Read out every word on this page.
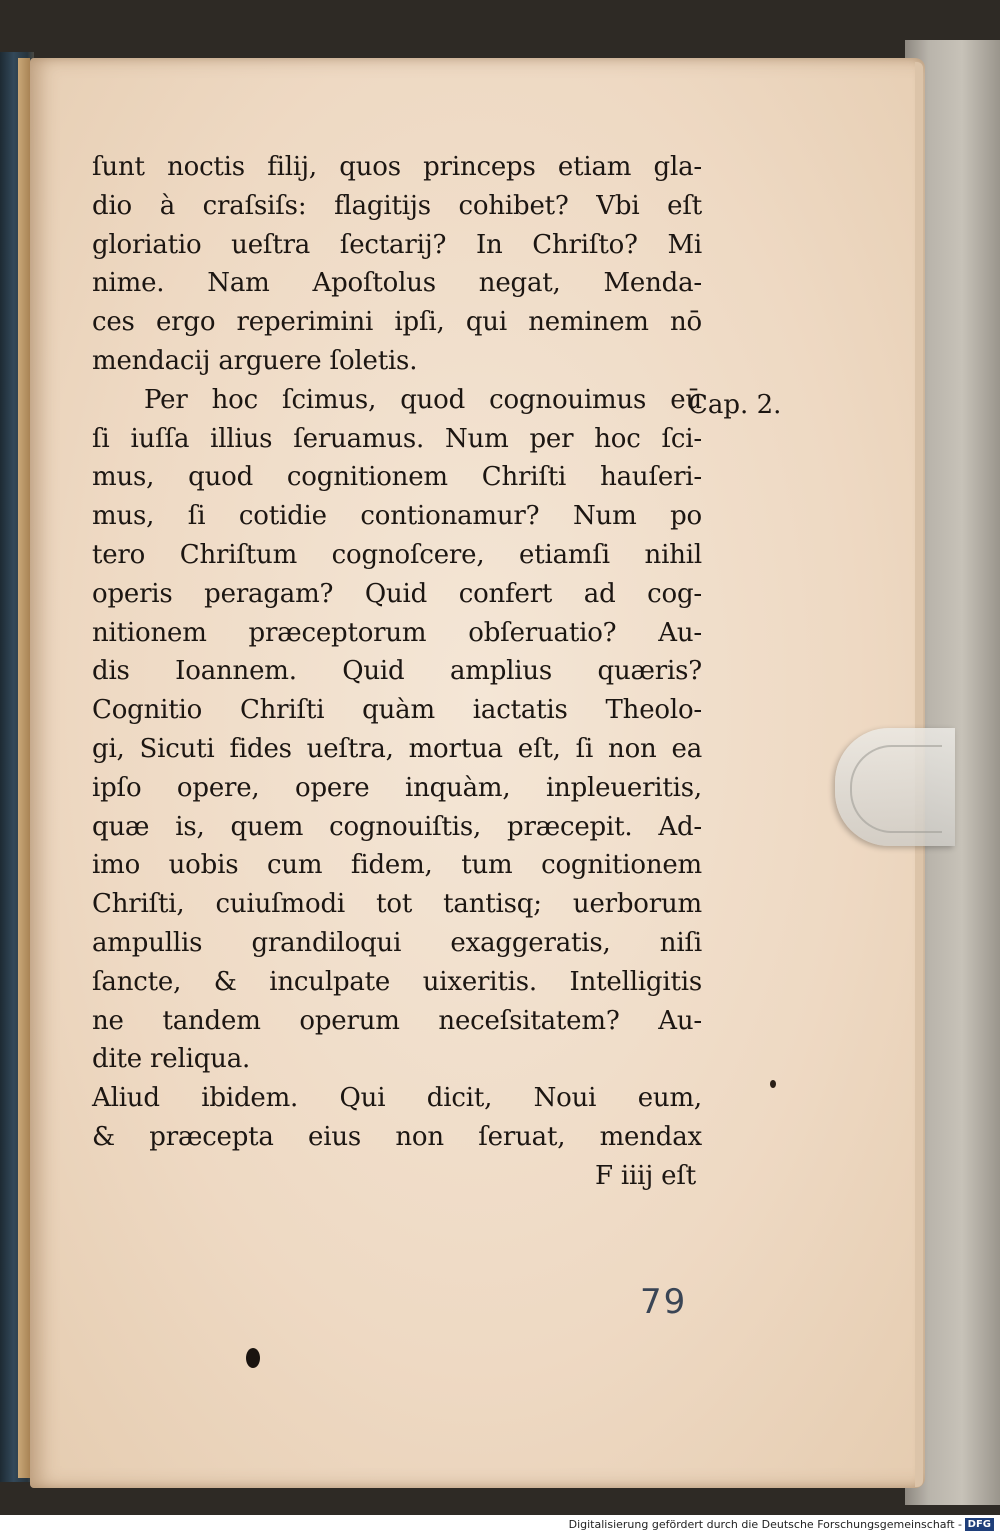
ſunt noctis filij, quos princeps etiam gla‑
dio à craſsiſs: flagitijs cohibet? Vbi eſt
gloriatio ueſtra ſectarij? In Chriſto? Mi
nime. Nam Apoſtolus negat, Menda‑
ces ergo reperimini ipſi, qui neminem nō
mendacij arguere ſoletis.
Per hoc ſcimus, quod cognouimus eū
ſi iuſſa illius ſeruamus. Num per hoc ſci‑
mus, quod cognitionem Chriſti hauſeri‑
mus, ſi cotidie contionamur? Num po
tero Chriſtum cognoſcere, etiamſi nihil
operis peragam? Quid confert ad cog‑
nitionem præceptorum obſeruatio? Au‑
dis Ioannem. Quid amplius quæris?
Cognitio Chriſti quàm iactatis Theolo‑
gi, Sicuti fides ueſtra, mortua eſt, ſi non ea
ipſo opere, opere inquàm, inpleueritis,
quæ is, quem cognouiſtis, præcepit. Ad‑
imo uobis cum fidem, tum cognitionem
Chriſti, cuiuſmodi tot tantisq; uerborum
ampullis grandiloqui exaggeratis, niſi
ſancte, & inculpate uixeritis. Intelligitis
ne tandem operum neceſsitatem? Au‑
dite reliqua.
Aliud ibidem. Qui dicit, Noui eum,
& præcepta eius non ſeruat, mendax
F iiij eſt
Cap. 2.
79
Digitalisierung gefördert durch die Deutsche Forschungsgemeinschaft - DFG
